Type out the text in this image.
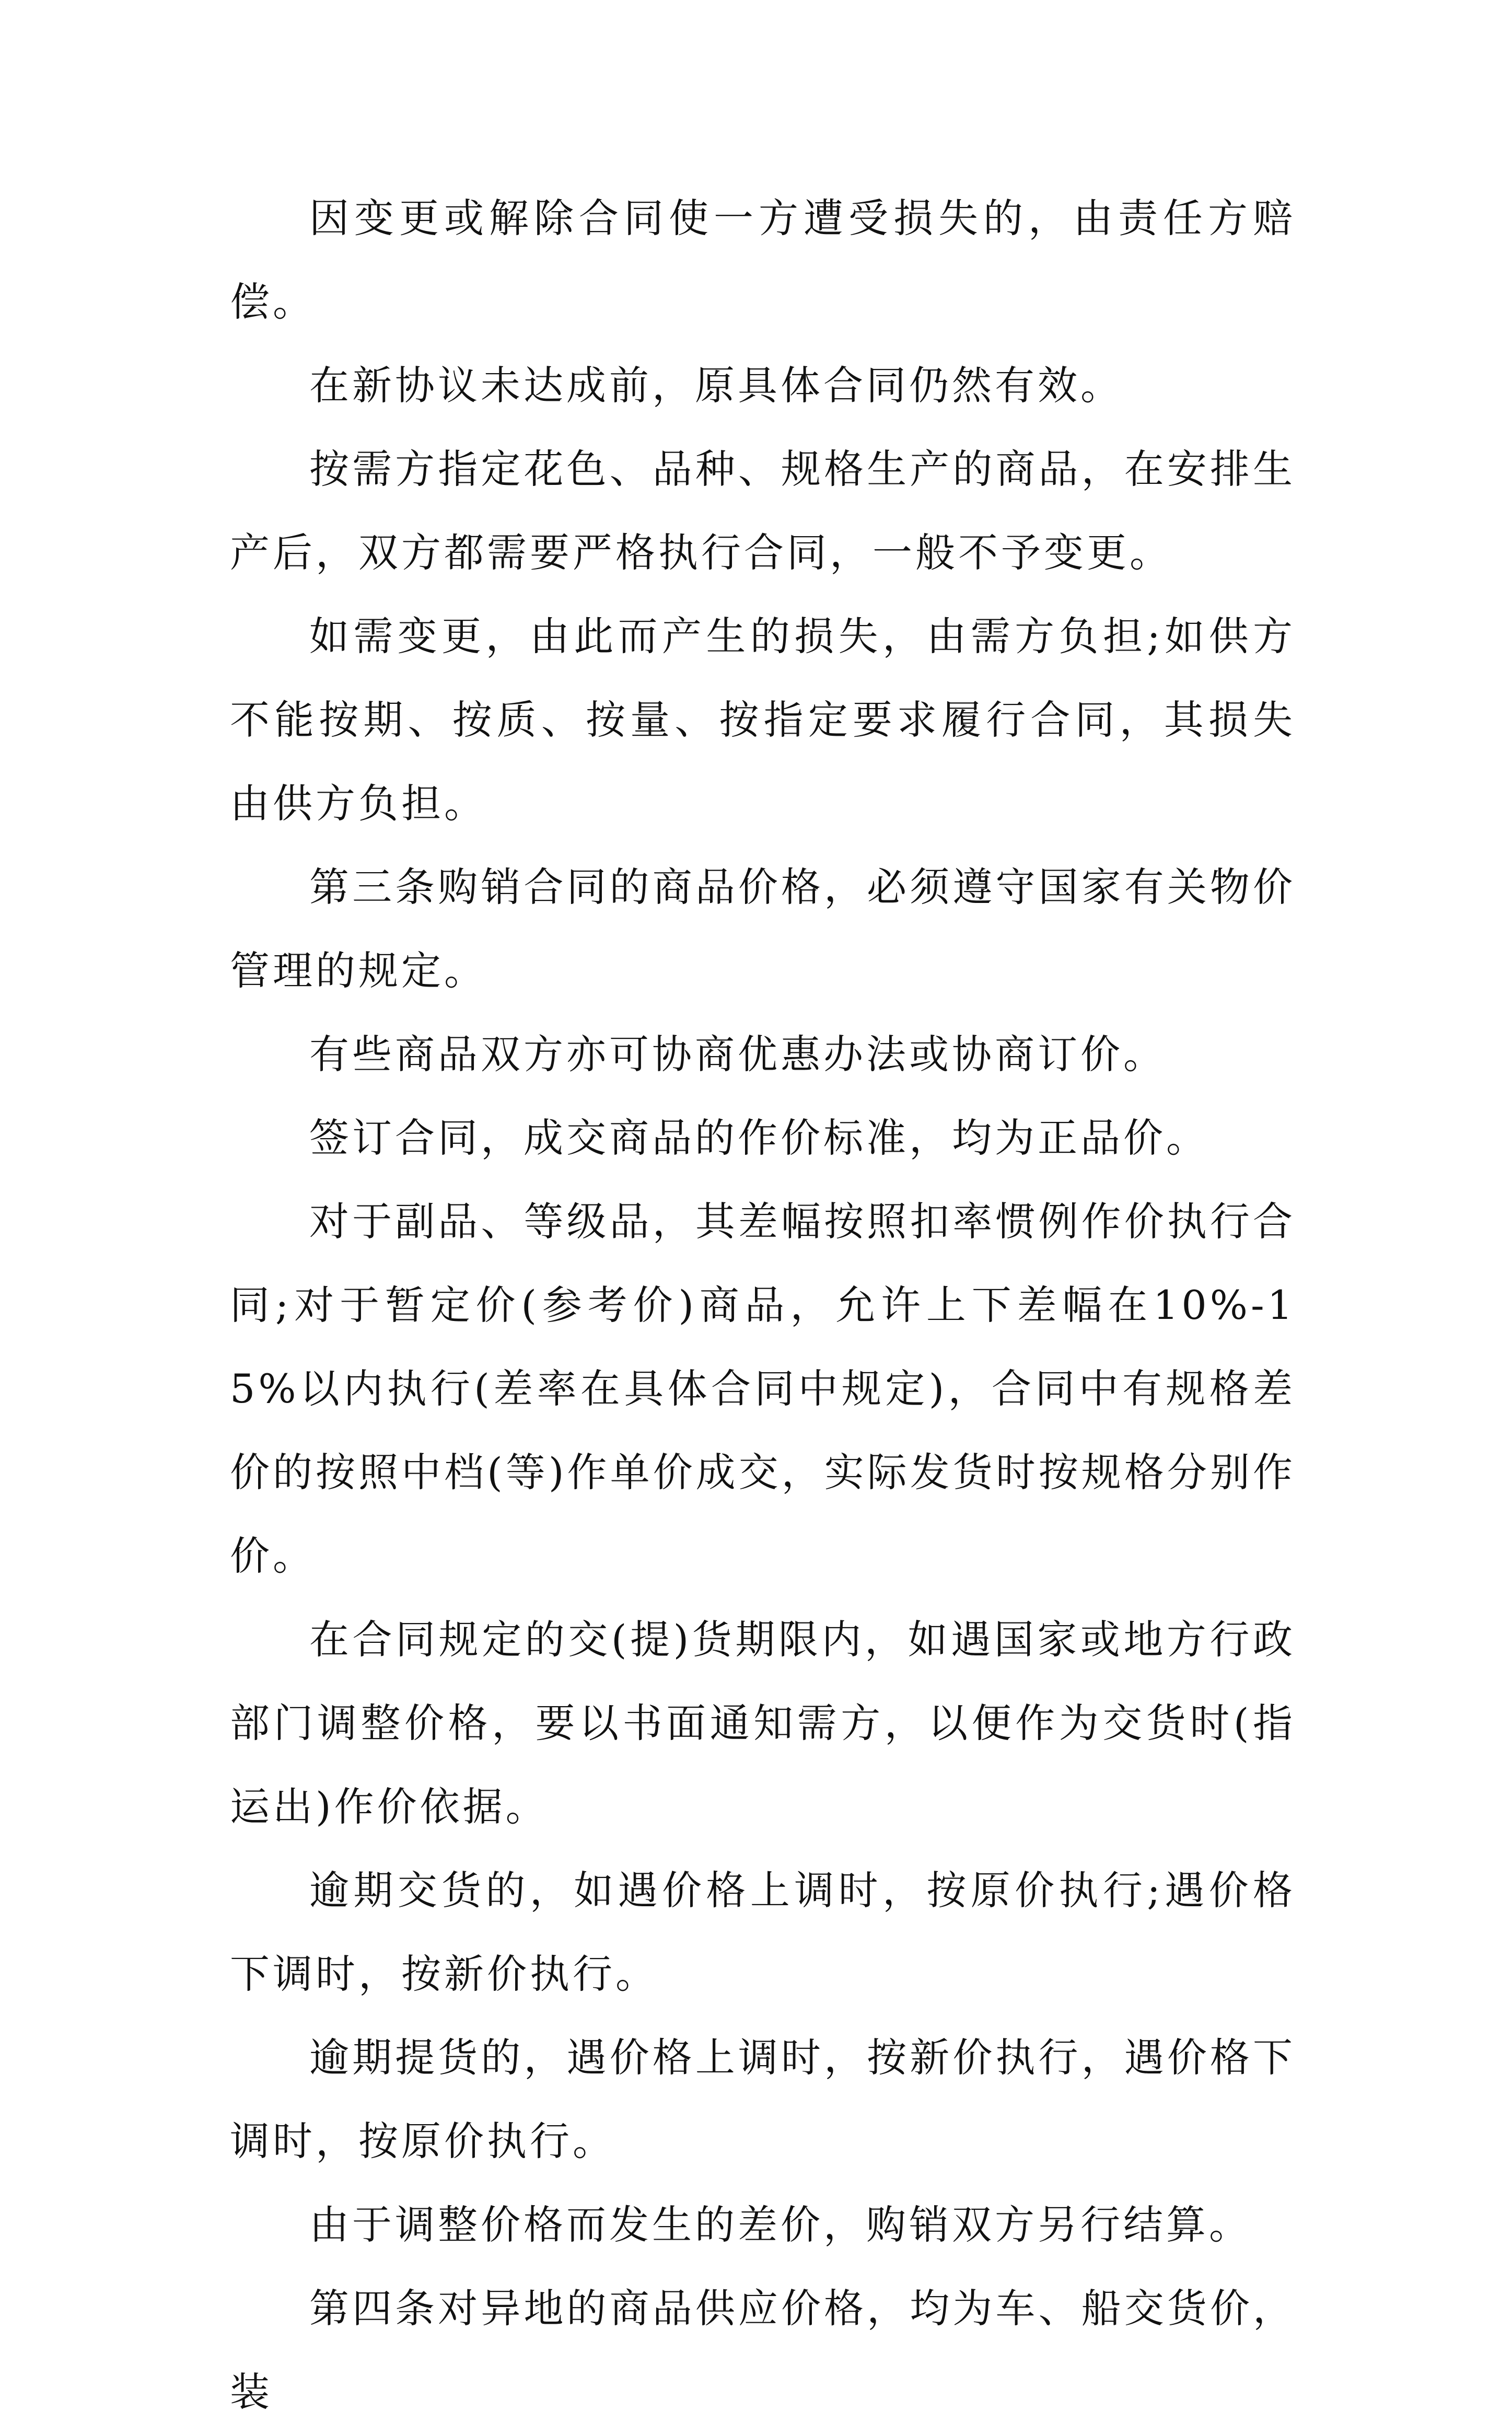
因变更或解除合同使一方遭受损失的，由责任方赔偿。

在新协议未达成前，原具体合同仍然有效。

按需方指定花色、品种、规格生产的商品，在安排生产后，双方都需要严格执行合同，一般不予变更。

如需变更，由此而产生的损失，由需方负担;如供方不能按期、按质、按量、按指定要求履行合同，其损失由供方负担。

第三条购销合同的商品价格，必须遵守国家有关物价管理的规定。

有些商品双方亦可协商优惠办法或协商订价。

签订合同，成交商品的作价标准，均为正品价。

对于副品、等级品，其差幅按照扣率惯例作价执行合同;对于暂定价(参考价)商品，允许上下差幅在10%-15%以内执行(差率在具体合同中规定)，合同中有规格差价的按照中档(等)作单价成交，实际发货时按规格分别作价。

在合同规定的交(提)货期限内，如遇国家或地方行政部门调整价格，要以书面通知需方，以便作为交货时(指运出)作价依据。

逾期交货的，如遇价格上调时，按原价执行;遇价格下调时，按新价执行。

逾期提货的，遇价格上调时，按新价执行，遇价格下调时，按原价执行。

由于调整价格而发生的差价，购销双方另行结算。

第四条对异地的商品供应价格，均为车、船交货价，装
